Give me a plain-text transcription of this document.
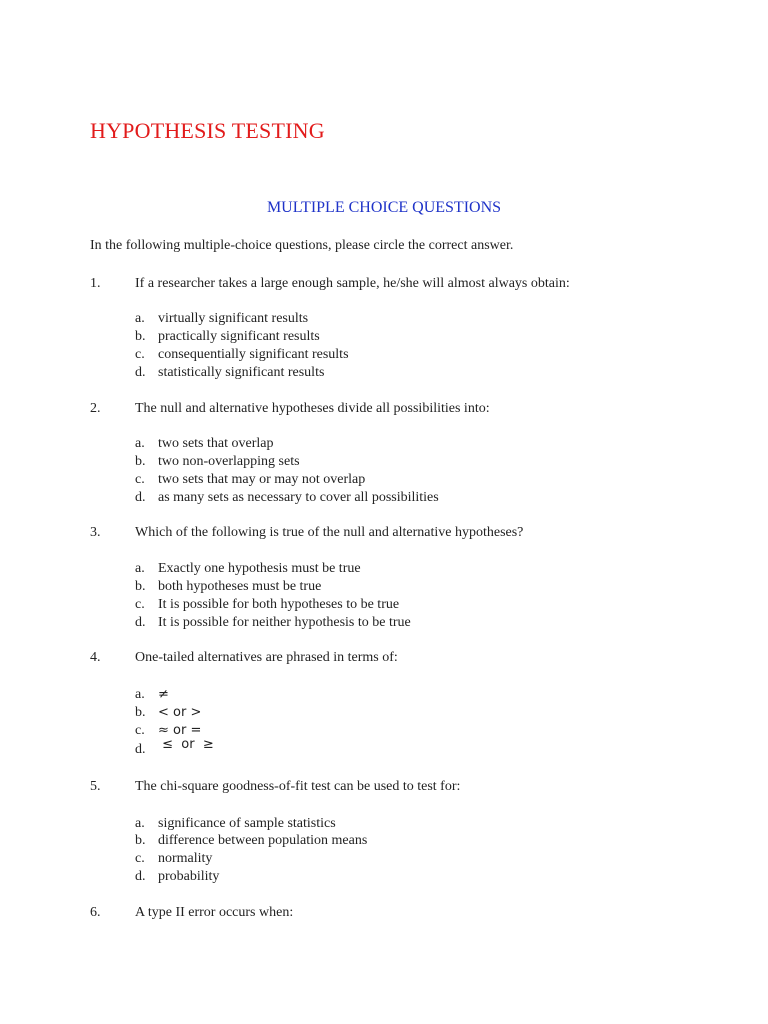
HYPOTHESIS TESTING
MULTIPLE CHOICE QUESTIONS
In the following multiple-choice questions, please circle the correct answer.
1. If a researcher takes a large enough sample, he/she will almost always obtain:
a. virtually significant results
b. practically significant results
c. consequentially significant results
d. statistically significant results
2. The null and alternative hypotheses divide all possibilities into:
a. two sets that overlap
b. two non-overlapping sets
c. two sets that may or may not overlap
d. as many sets as necessary to cover all possibilities
3. Which of the following is true of the null and alternative hypotheses?
a. Exactly one hypothesis must be true
b. both hypotheses must be true
c. It is possible for both hypotheses to be true
d. It is possible for neither hypothesis to be true
4. One-tailed alternatives are phrased in terms of:
a. ≠
b. < or >
c. ≈ or =
d. ≤  or  ≥
5. The chi-square goodness-of-fit test can be used to test for:
a. significance of sample statistics
b. difference between population means
c. normality
d. probability
6. A type II error occurs when:
